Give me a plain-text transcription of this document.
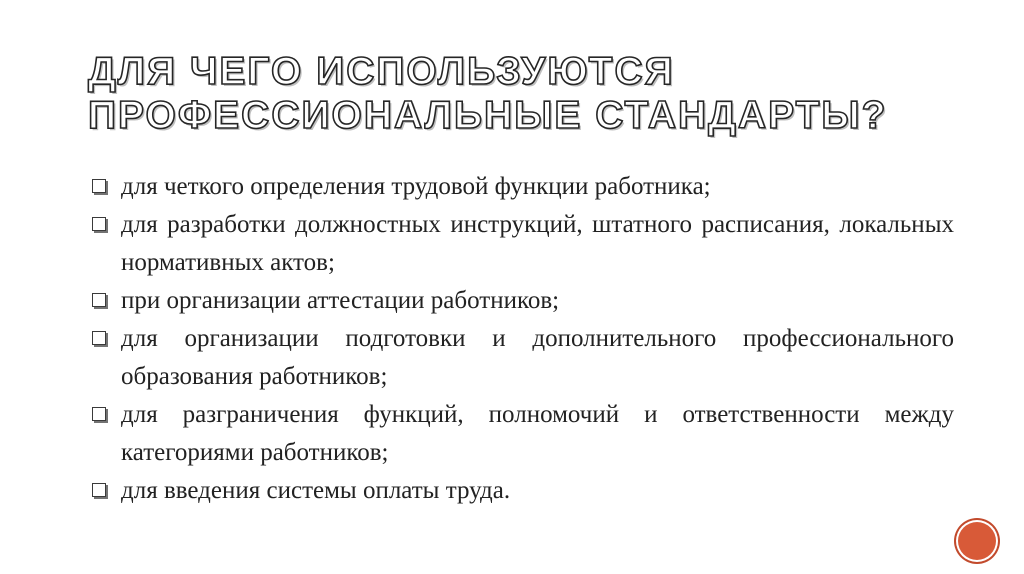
ДЛЯ ЧЕГО ИСПОЛЬЗУЮТСЯ
ПРОФЕССИОНАЛЬНЫЕ СТАНДАРТЫ?
для четкого определения трудовой функции работника;
для разработки должностных инструкций, штатного расписания, локальных нормативных актов;
при организации аттестации работников;
для организации подготовки и дополнительного профессионального образования работников;
для разграничения функций, полномочий и ответственности между категориями работников;
для введения системы оплаты труда.
